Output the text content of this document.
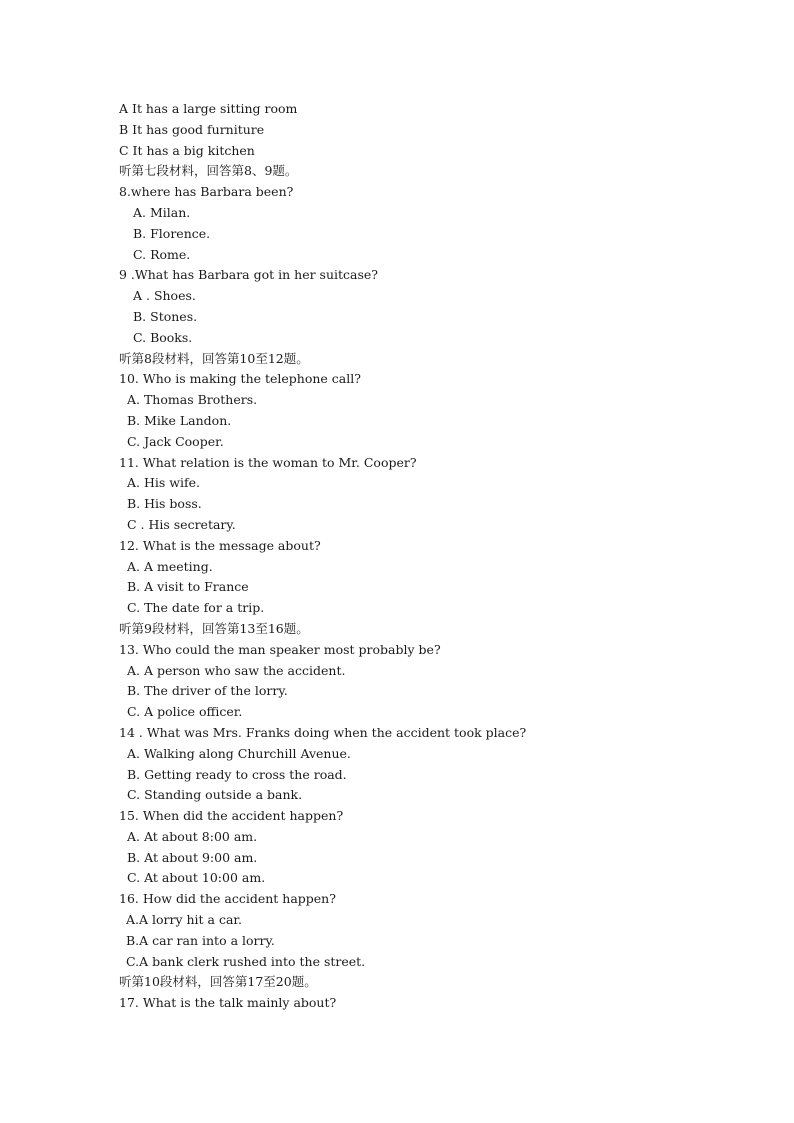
A It has a large sitting room
B It has good furniture
C It has a big kitchen
听第七段材料，回答第8、9题。
8.where has Barbara been?
A. Milan.
B. Florence.
C. Rome.
9 .What has Barbara got in her suitcase?
A . Shoes.
B. Stones.
C. Books.
听第8段材料，回答第10至12题。
10. Who is making the telephone call?
A. Thomas Brothers.
B. Mike Landon.
C. Jack Cooper.
11. What relation is the woman to Mr. Cooper?
A. His wife.
B. His boss.
C . His secretary.
12. What is the message about?
A. A meeting.
B. A visit to France
C. The date for a trip.
听第9段材料，回答第13至16题。
13. Who could the man speaker most probably be?
A. A person who saw the accident.
B. The driver of the lorry.
C. A police officer.
14 . What was Mrs. Franks doing when the accident took place?
A. Walking along Churchill Avenue.
B. Getting ready to cross the road.
C. Standing outside a bank.
15. When did the accident happen?
A. At about 8:00 am.
B. At about 9:00 am.
C. At about 10:00 am.
16. How did the accident happen?
A.A lorry hit a car.
B.A car ran into a lorry.
C.A bank clerk rushed into the street.
听第10段材料，回答第17至20题。
17. What is the talk mainly about?
